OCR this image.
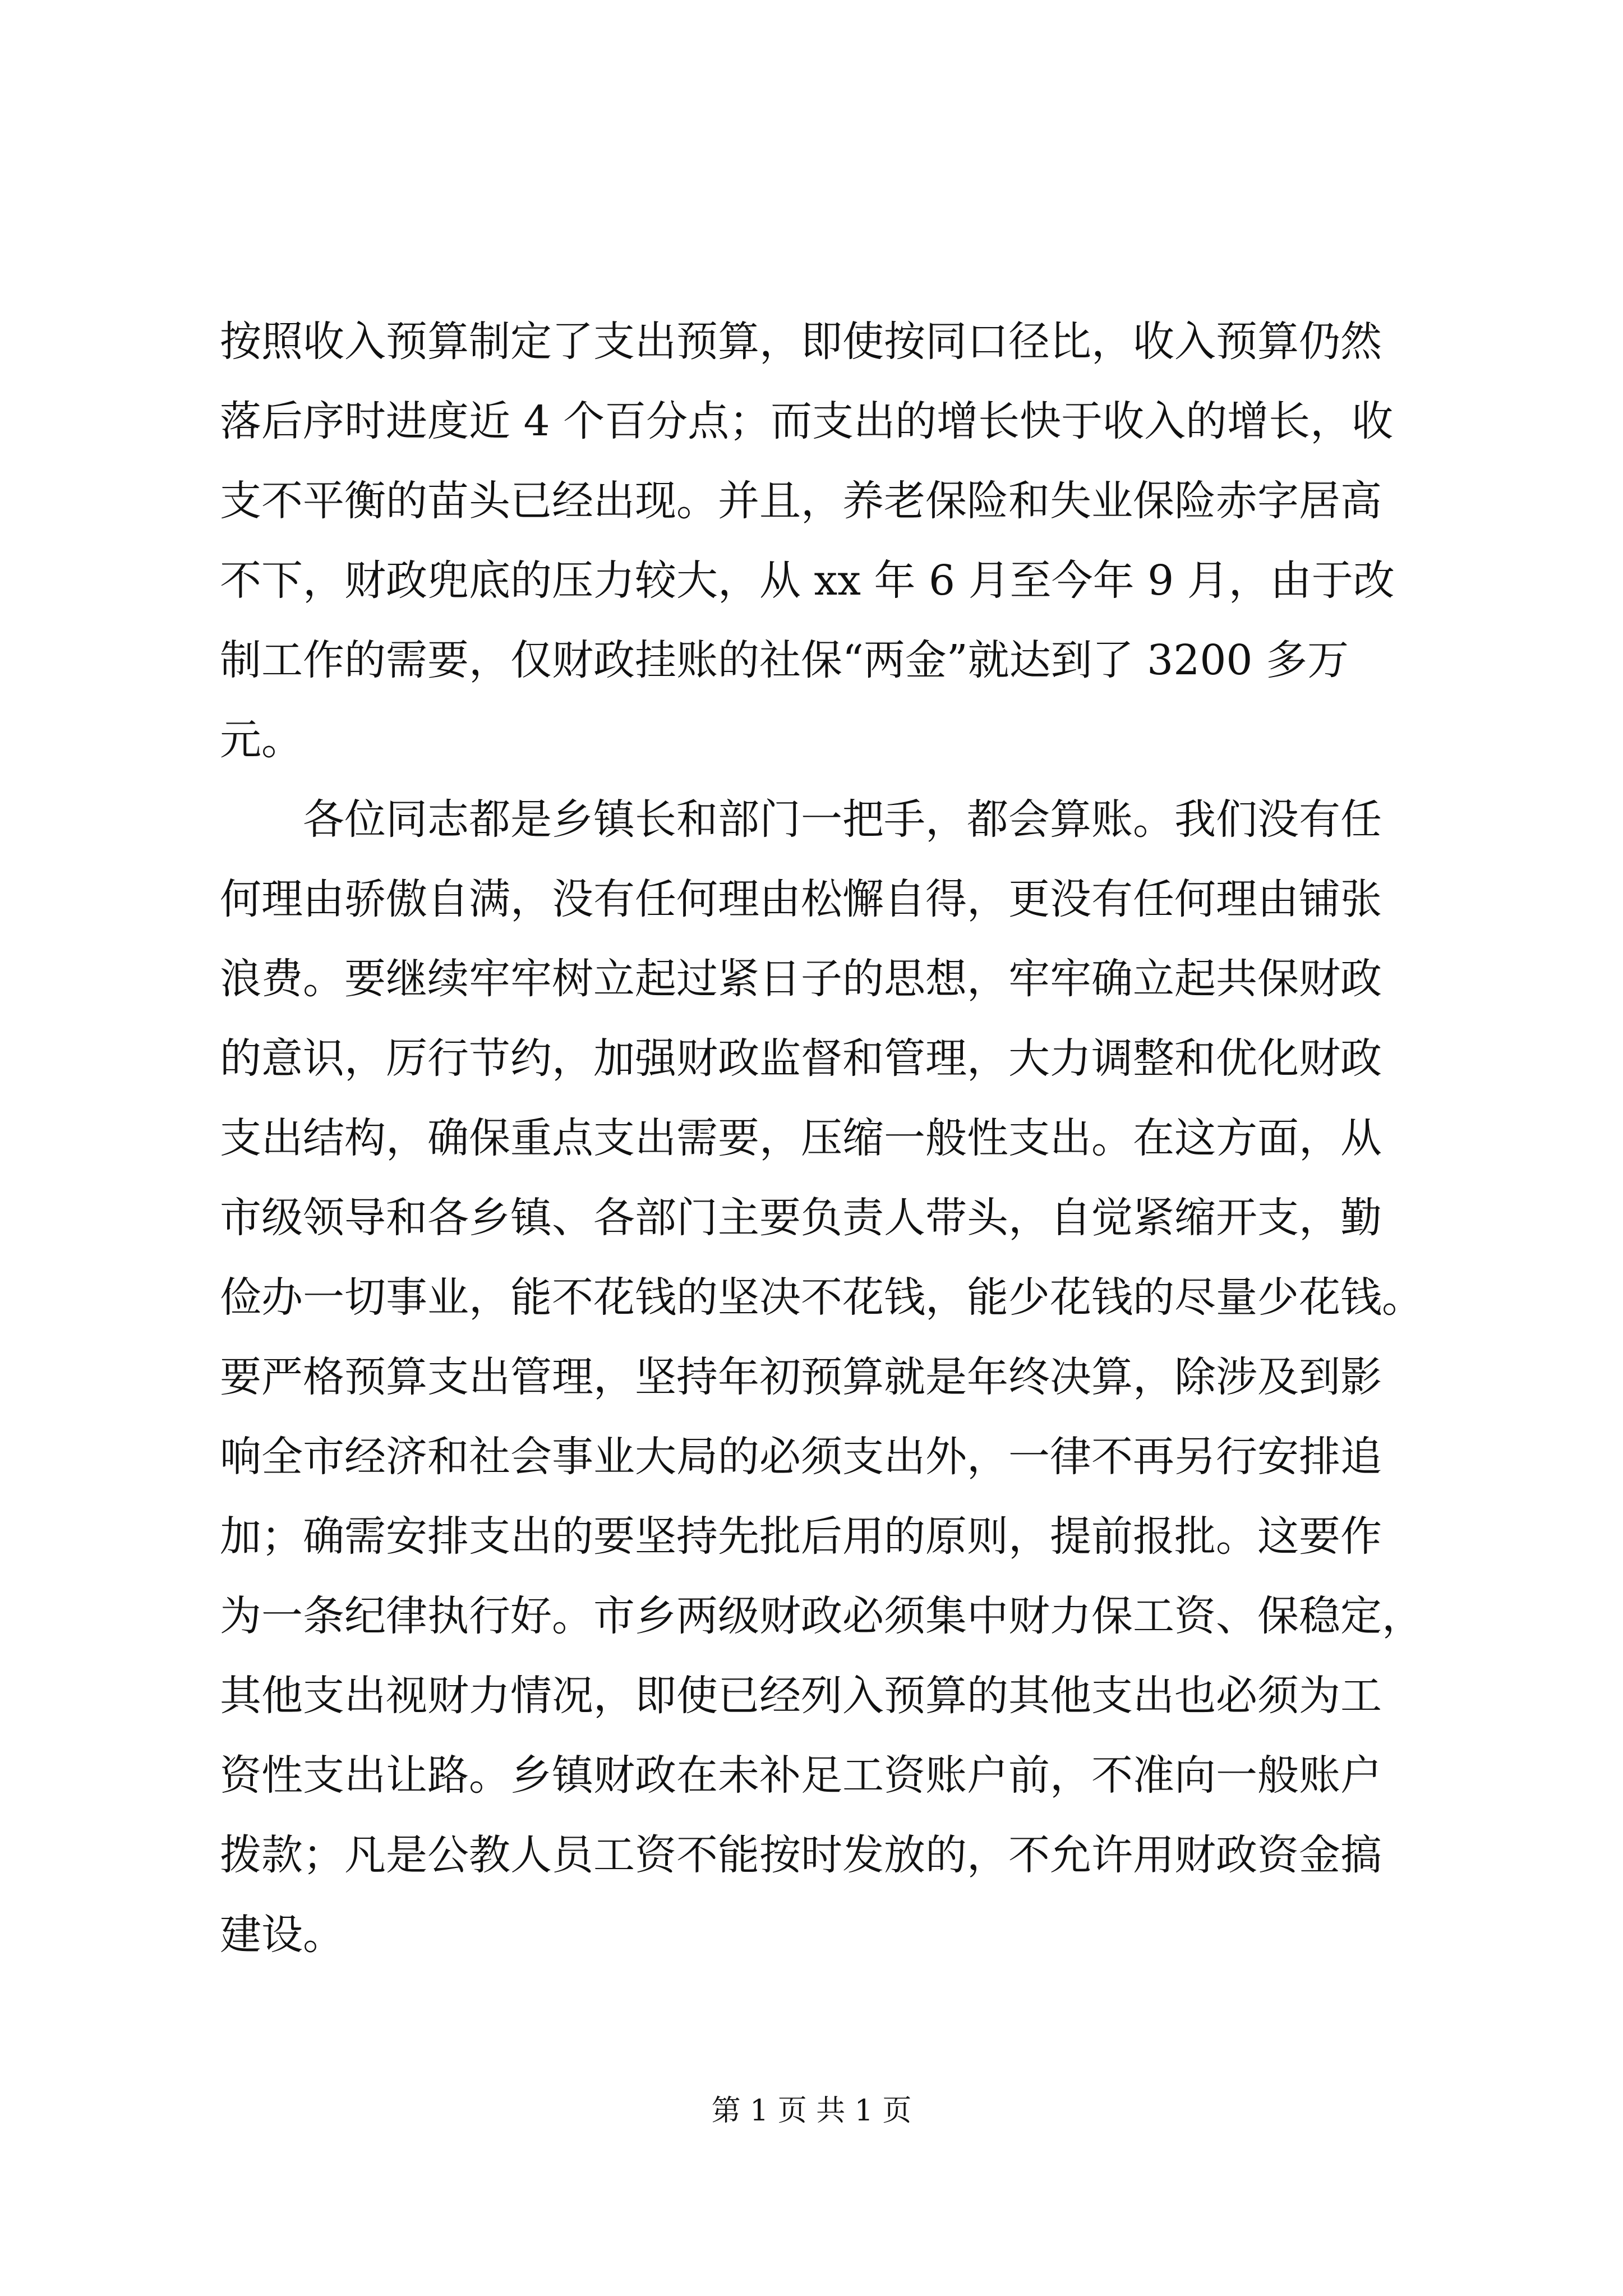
按照收入预算制定了支出预算，即使按同口径比，收入预算仍然
落后序时进度近 4 个百分点；而支出的增长快于收入的增长，收
支不平衡的苗头已经出现。并且，养老保险和失业保险赤字居高
不下，财政兜底的压力较大，从 xx 年 6 月至今年 9 月，由于改
制工作的需要，仅财政挂账的社保“两金”就达到了 3200 多万
元。
　　各位同志都是乡镇长和部门一把手，都会算账。我们没有任
何理由骄傲自满，没有任何理由松懈自得，更没有任何理由铺张
浪费。要继续牢牢树立起过紧日子的思想，牢牢确立起共保财政
的意识，厉行节约，加强财政监督和管理，大力调整和优化财政
支出结构，确保重点支出需要，压缩一般性支出。在这方面，从
市级领导和各乡镇、各部门主要负责人带头，自觉紧缩开支，勤
俭办一切事业，能不花钱的坚决不花钱，能少花钱的尽量少花钱。
要严格预算支出管理，坚持年初预算就是年终决算，除涉及到影
响全市经济和社会事业大局的必须支出外，一律不再另行安排追
加；确需安排支出的要坚持先批后用的原则，提前报批。这要作
为一条纪律执行好。市乡两级财政必须集中财力保工资、保稳定，
其他支出视财力情况，即使已经列入预算的其他支出也必须为工
资性支出让路。乡镇财政在未补足工资账户前，不准向一般账户
拨款；凡是公教人员工资不能按时发放的，不允许用财政资金搞
建设。
第 1 页 共 1 页
